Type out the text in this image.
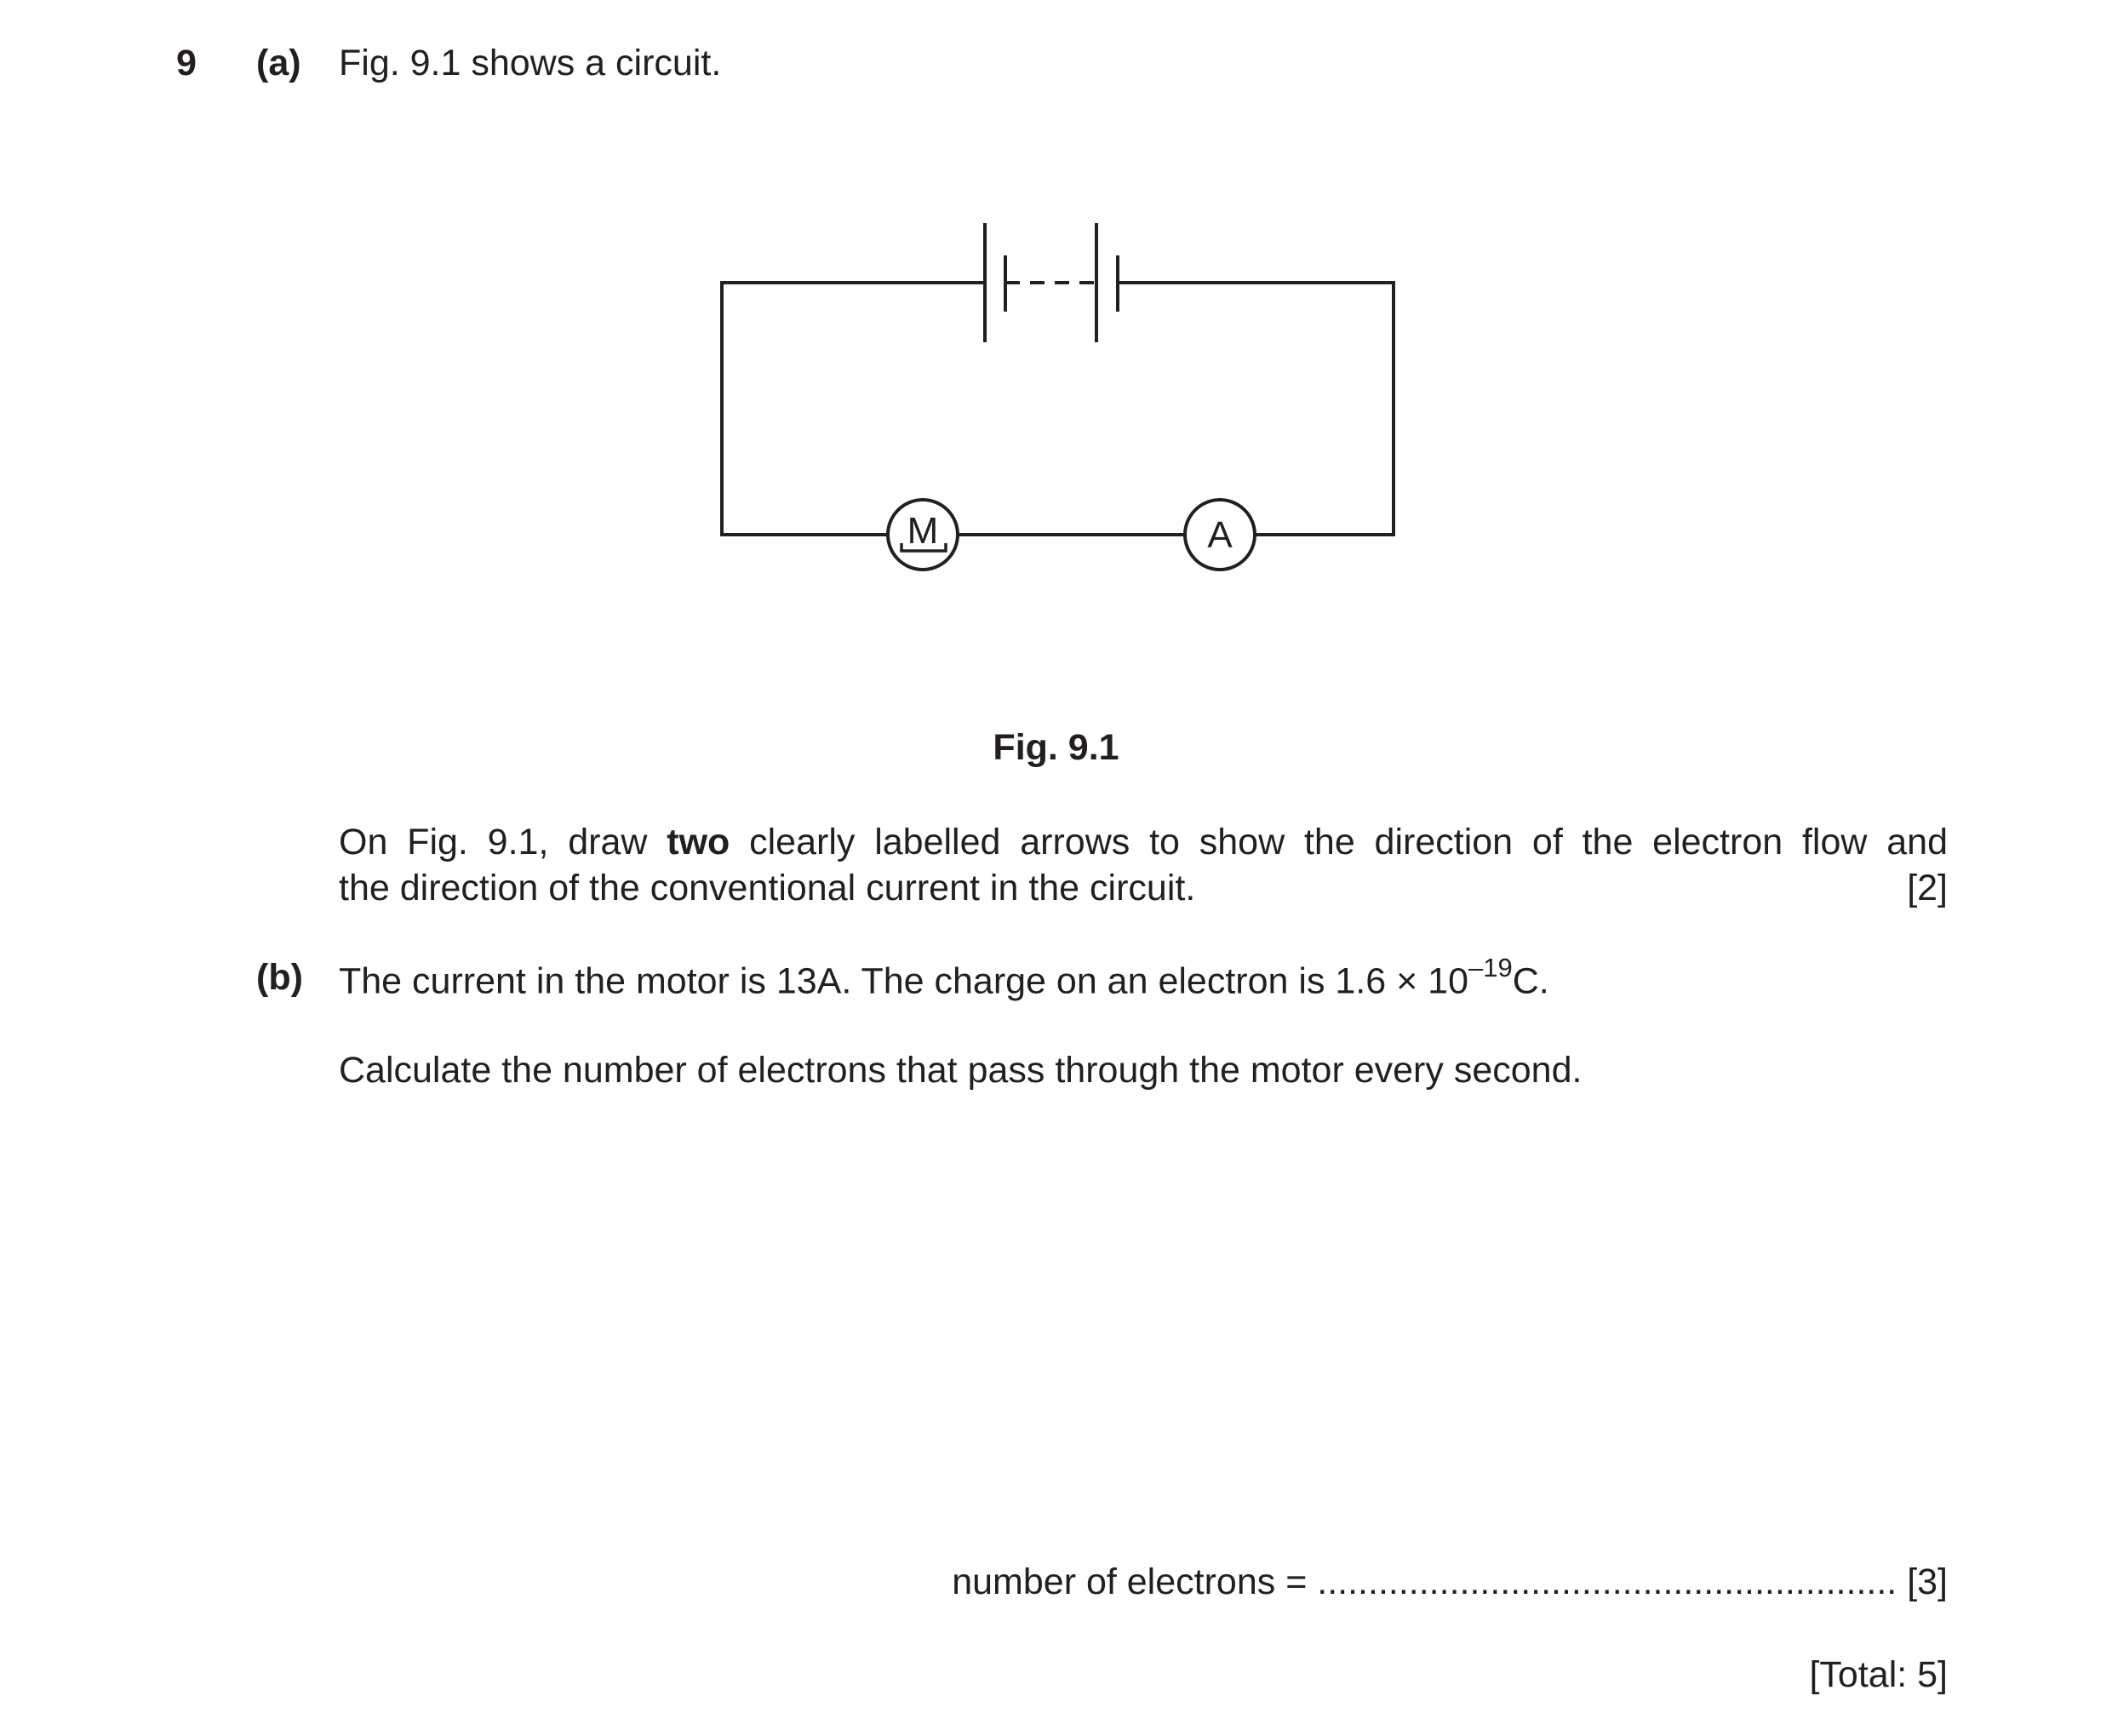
9 (a) Fig. 9.1 shows a circuit.
M	A
Fig. 9.1
On Fig. 9.1, draw two clearly labelled arrows to show the direction of the electron flow and
the direction of the conventional current in the circuit.	[2]
(b) The current in the motor is 13A. The charge on an electron is $1.6 \times 10^{-19}C$.
Calculate the number of electrons that pass through the motor every second.
number of electrons = ......................................................... [3]
[Total: 5]
